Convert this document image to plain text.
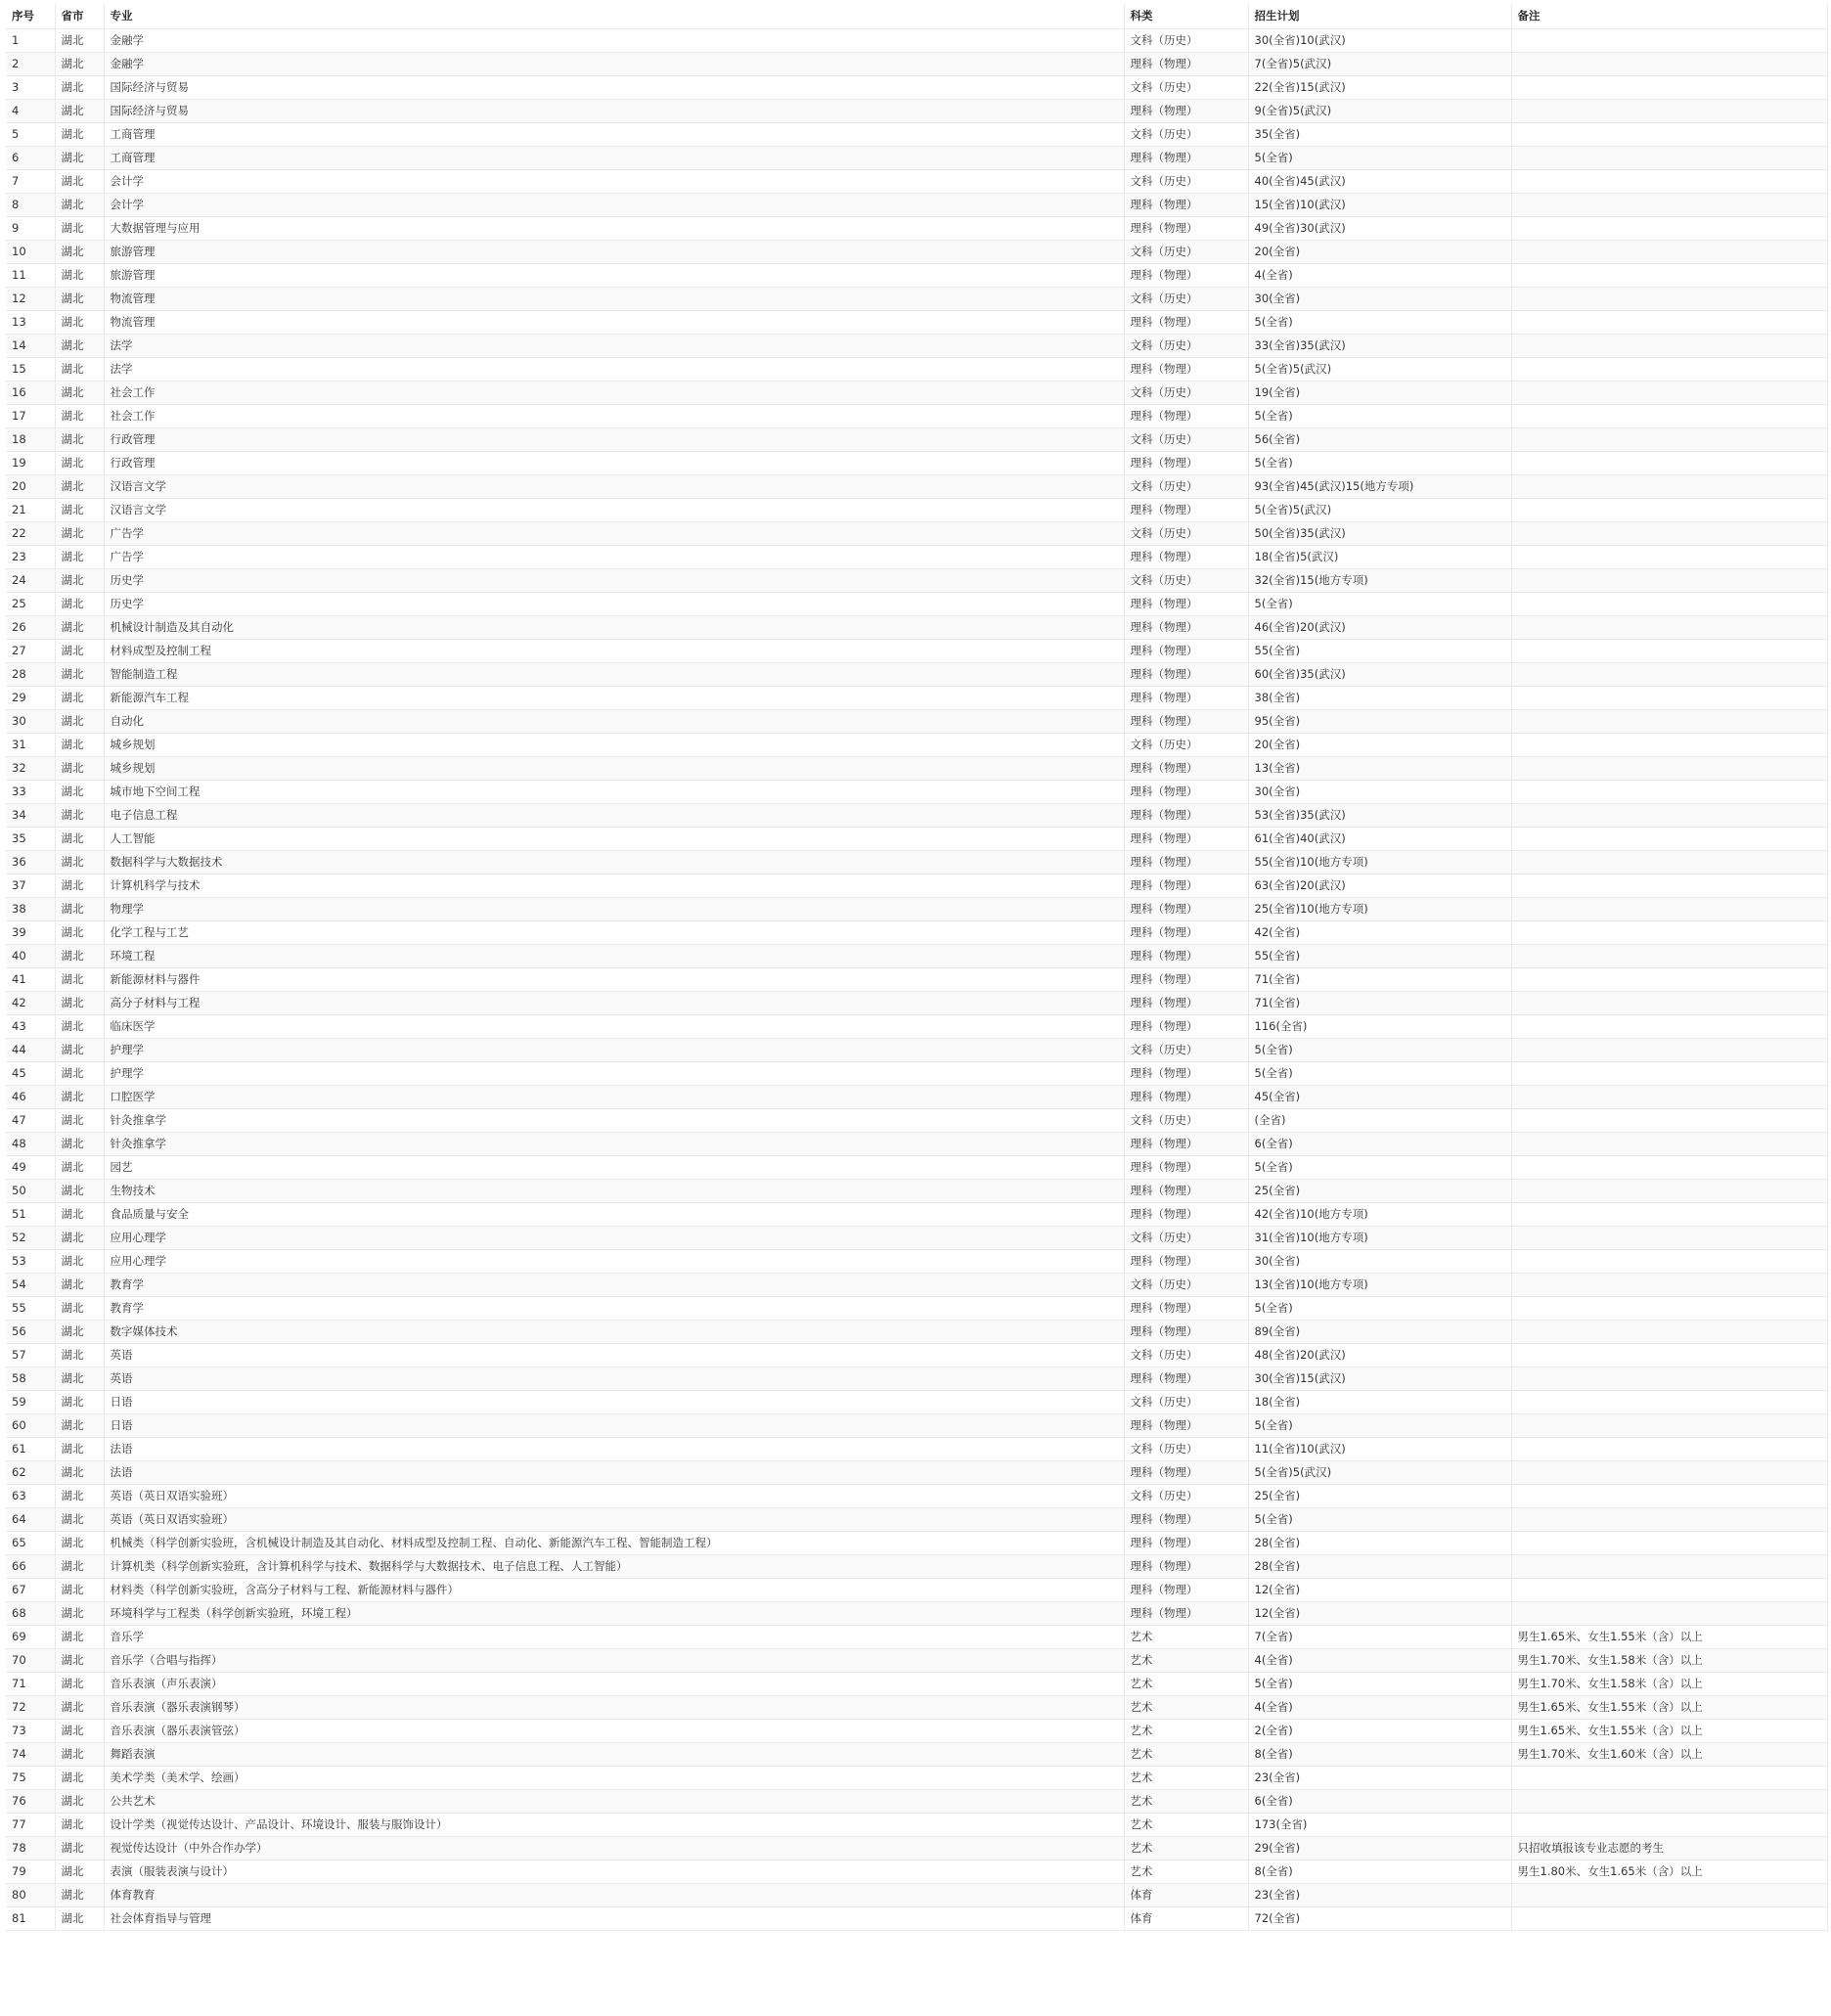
序号	省市	专业	科类	招生计划	备注
1	湖北	金融学	文科（历史）	30(全省)10(武汉)	
2	湖北	金融学	理科（物理）	7(全省)5(武汉)	
3	湖北	国际经济与贸易	文科（历史）	22(全省)15(武汉)	
4	湖北	国际经济与贸易	理科（物理）	9(全省)5(武汉)	
5	湖北	工商管理	文科（历史）	35(全省)	
6	湖北	工商管理	理科（物理）	5(全省)	
7	湖北	会计学	文科（历史）	40(全省)45(武汉)	
8	湖北	会计学	理科（物理）	15(全省)10(武汉)	
9	湖北	大数据管理与应用	理科（物理）	49(全省)30(武汉)	
10	湖北	旅游管理	文科（历史）	20(全省)	
11	湖北	旅游管理	理科（物理）	4(全省)	
12	湖北	物流管理	文科（历史）	30(全省)	
13	湖北	物流管理	理科（物理）	5(全省)	
14	湖北	法学	文科（历史）	33(全省)35(武汉)	
15	湖北	法学	理科（物理）	5(全省)5(武汉)	
16	湖北	社会工作	文科（历史）	19(全省)	
17	湖北	社会工作	理科（物理）	5(全省)	
18	湖北	行政管理	文科（历史）	56(全省)	
19	湖北	行政管理	理科（物理）	5(全省)	
20	湖北	汉语言文学	文科（历史）	93(全省)45(武汉)15(地方专项)	
21	湖北	汉语言文学	理科（物理）	5(全省)5(武汉)	
22	湖北	广告学	文科（历史）	50(全省)35(武汉)	
23	湖北	广告学	理科（物理）	18(全省)5(武汉)	
24	湖北	历史学	文科（历史）	32(全省)15(地方专项)	
25	湖北	历史学	理科（物理）	5(全省)	
26	湖北	机械设计制造及其自动化	理科（物理）	46(全省)20(武汉)	
27	湖北	材料成型及控制工程	理科（物理）	55(全省)	
28	湖北	智能制造工程	理科（物理）	60(全省)35(武汉)	
29	湖北	新能源汽车工程	理科（物理）	38(全省)	
30	湖北	自动化	理科（物理）	95(全省)	
31	湖北	城乡规划	文科（历史）	20(全省)	
32	湖北	城乡规划	理科（物理）	13(全省)	
33	湖北	城市地下空间工程	理科（物理）	30(全省)	
34	湖北	电子信息工程	理科（物理）	53(全省)35(武汉)	
35	湖北	人工智能	理科（物理）	61(全省)40(武汉)	
36	湖北	数据科学与大数据技术	理科（物理）	55(全省)10(地方专项)	
37	湖北	计算机科学与技术	理科（物理）	63(全省)20(武汉)	
38	湖北	物理学	理科（物理）	25(全省)10(地方专项)	
39	湖北	化学工程与工艺	理科（物理）	42(全省)	
40	湖北	环境工程	理科（物理）	55(全省)	
41	湖北	新能源材料与器件	理科（物理）	71(全省)	
42	湖北	高分子材料与工程	理科（物理）	71(全省)	
43	湖北	临床医学	理科（物理）	116(全省)	
44	湖北	护理学	文科（历史）	5(全省)	
45	湖北	护理学	理科（物理）	5(全省)	
46	湖北	口腔医学	理科（物理）	45(全省)	
47	湖北	针灸推拿学	文科（历史）	(全省)	
48	湖北	针灸推拿学	理科（物理）	6(全省)	
49	湖北	园艺	理科（物理）	5(全省)	
50	湖北	生物技术	理科（物理）	25(全省)	
51	湖北	食品质量与安全	理科（物理）	42(全省)10(地方专项)	
52	湖北	应用心理学	文科（历史）	31(全省)10(地方专项)	
53	湖北	应用心理学	理科（物理）	30(全省)	
54	湖北	教育学	文科（历史）	13(全省)10(地方专项)	
55	湖北	教育学	理科（物理）	5(全省)	
56	湖北	数字媒体技术	理科（物理）	89(全省)	
57	湖北	英语	文科（历史）	48(全省)20(武汉)	
58	湖北	英语	理科（物理）	30(全省)15(武汉)	
59	湖北	日语	文科（历史）	18(全省)	
60	湖北	日语	理科（物理）	5(全省)	
61	湖北	法语	文科（历史）	11(全省)10(武汉)	
62	湖北	法语	理科（物理）	5(全省)5(武汉)	
63	湖北	英语（英日双语实验班）	文科（历史）	25(全省)	
64	湖北	英语（英日双语实验班）	理科（物理）	5(全省)	
65	湖北	机械类（科学创新实验班，含机械设计制造及其自动化、材料成型及控制工程、自动化、新能源汽车工程、智能制造工程）	理科（物理）	28(全省)	
66	湖北	计算机类（科学创新实验班，含计算机科学与技术、数据科学与大数据技术、电子信息工程、人工智能）	理科（物理）	28(全省)	
67	湖北	材料类（科学创新实验班，含高分子材料与工程、新能源材料与器件）	理科（物理）	12(全省)	
68	湖北	环境科学与工程类（科学创新实验班，环境工程）	理科（物理）	12(全省)	
69	湖北	音乐学	艺术	7(全省)	男生1.65米、女生1.55米（含）以上
70	湖北	音乐学（合唱与指挥）	艺术	4(全省)	男生1.70米、女生1.58米（含）以上
71	湖北	音乐表演（声乐表演）	艺术	5(全省)	男生1.70米、女生1.58米（含）以上
72	湖北	音乐表演（器乐表演钢琴）	艺术	4(全省)	男生1.65米、女生1.55米（含）以上
73	湖北	音乐表演（器乐表演管弦）	艺术	2(全省)	男生1.65米、女生1.55米（含）以上
74	湖北	舞蹈表演	艺术	8(全省)	男生1.70米、女生1.60米（含）以上
75	湖北	美术学类（美术学、绘画）	艺术	23(全省)	
76	湖北	公共艺术	艺术	6(全省)	
77	湖北	设计学类（视觉传达设计、产品设计、环境设计、服装与服饰设计）	艺术	173(全省)	
78	湖北	视觉传达设计（中外合作办学）	艺术	29(全省)	只招收填报该专业志愿的考生
79	湖北	表演（服装表演与设计）	艺术	8(全省)	男生1.80米、女生1.65米（含）以上
80	湖北	体育教育	体育	23(全省)	
81	湖北	社会体育指导与管理	体育	72(全省)	
